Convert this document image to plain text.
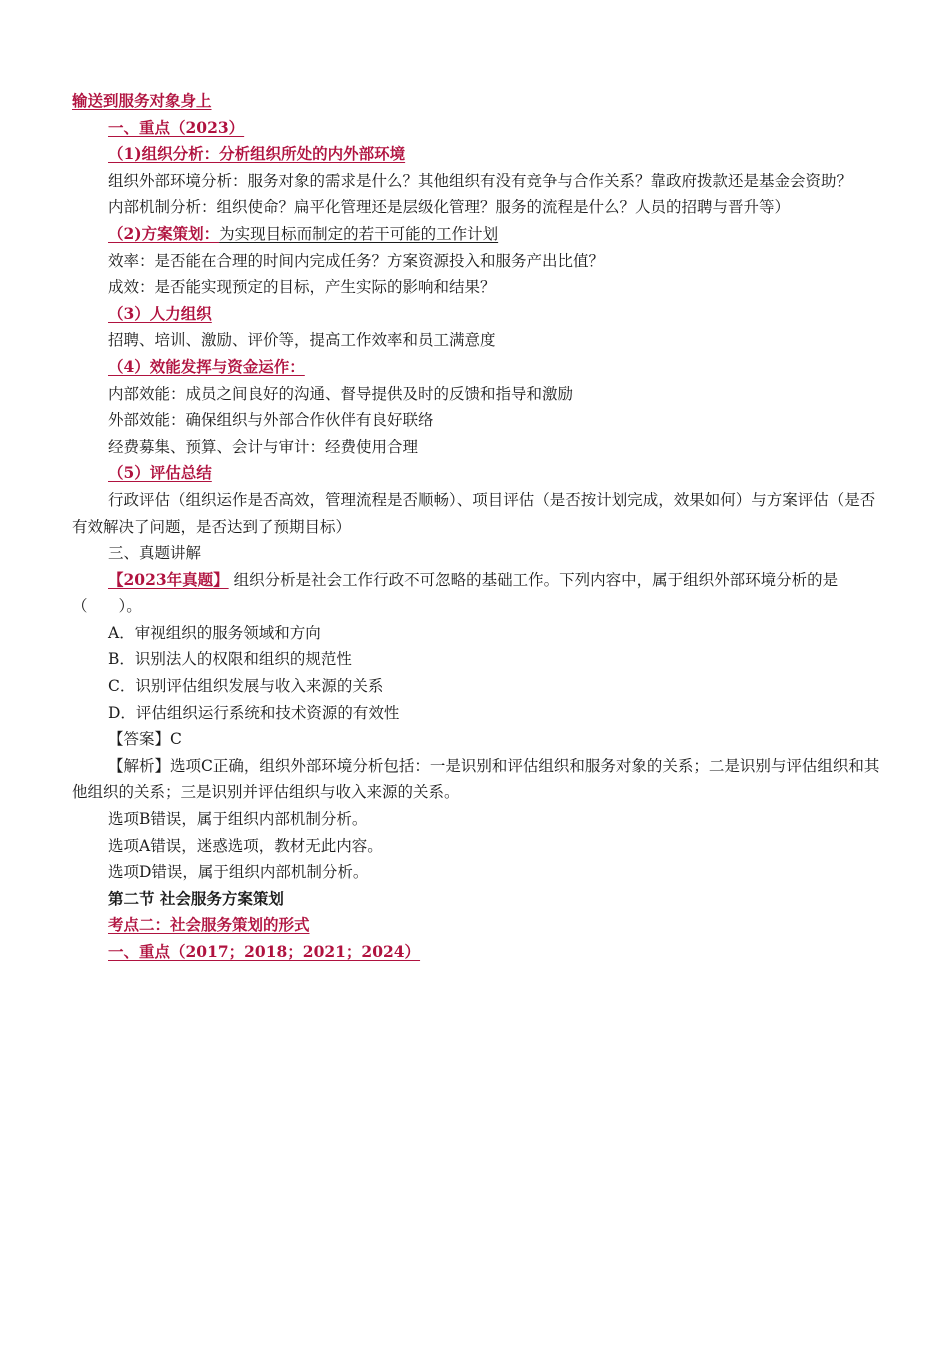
输送到服务对象身上

一、重点（2023）

（1)组织分析：分析组织所处的内外部环境

组织外部环境分析：服务对象的需求是什么？其他组织有没有竞争与合作关系？靠政府拨款还是基金会资助？

内部机制分析：组织使命？扁平化管理还是层级化管理？服务的流程是什么？人员的招聘与晋升等）

（2)方案策划：为实现目标而制定的若干可能的工作计划

效率：是否能在合理的时间内完成任务？方案资源投入和服务产出比值？

成效：是否能实现预定的目标，产生实际的影响和结果？

（3）人力组织

招聘、培训、激励、评价等，提高工作效率和员工满意度

（4）效能发挥与资金运作：

内部效能：成员之间良好的沟通、督导提供及时的反馈和指导和激励

外部效能：确保组织与外部合作伙伴有良好联络

经费募集、预算、会计与审计：经费使用合理

（5）评估总结

行政评估（组织运作是否高效，管理流程是否顺畅）、项目评估（是否按计划完成，效果如何）与方案评估（是否有效解决了问题，是否达到了预期目标）

三、真题讲解

【2023年真题】 组织分析是社会工作行政不可忽略的基础工作。下列内容中，属于组织外部环境分析的是（　　）。

A．审视组织的服务领域和方向

B．识别法人的权限和组织的规范性

C．识别评估组织发展与收入来源的关系

D．评估组织运行系统和技术资源的有效性

【答案】C

【解析】选项C正确，组织外部环境分析包括：一是识别和评估组织和服务对象的关系；二是识别与评估组织和其他组织的关系；三是识别并评估组织与收入来源的关系。

选项B错误，属于组织内部机制分析。

选项A错误，迷惑选项，教材无此内容。

选项D错误，属于组织内部机制分析。

第二节 社会服务方案策划

考点二：社会服务策划的形式

一、重点（2017；2018；2021；2024）
